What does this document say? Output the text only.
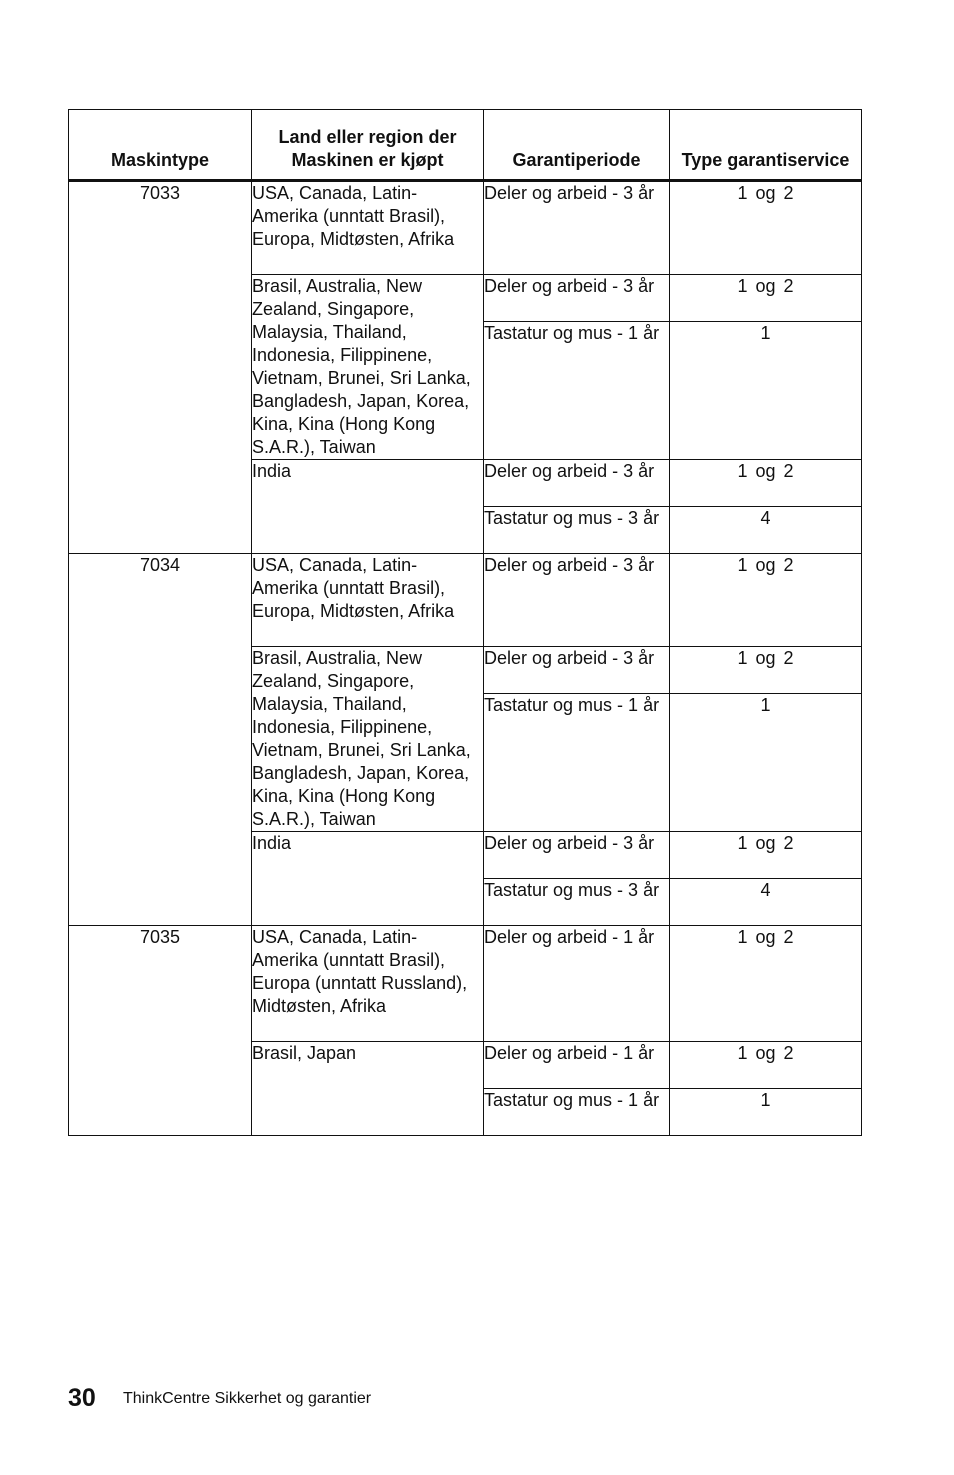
Maskintype	Land eller region der Maskinen er kjøpt	Garantiperiode	Type garantiservice
7033	USA, Canada, Latin-Amerika (unntatt Brasil), Europa, Midtøsten, Afrika	Deler og arbeid - 3 år	1 og 2
	Brasil, Australia, New Zealand, Singapore, Malaysia, Thailand, Indonesia, Filippinene, Vietnam, Brunei, Sri Lanka, Bangladesh, Japan, Korea, Kina, Kina (Hong Kong S.A.R.), Taiwan	Deler og arbeid - 3 år	1 og 2
		Tastatur og mus - 1 år	1
	India	Deler og arbeid - 3 år	1 og 2
		Tastatur og mus - 3 år	4
7034	USA, Canada, Latin-Amerika (unntatt Brasil), Europa, Midtøsten, Afrika	Deler og arbeid - 3 år	1 og 2
	Brasil, Australia, New Zealand, Singapore, Malaysia, Thailand, Indonesia, Filippinene, Vietnam, Brunei, Sri Lanka, Bangladesh, Japan, Korea, Kina, Kina (Hong Kong S.A.R.), Taiwan	Deler og arbeid - 3 år	1 og 2
		Tastatur og mus - 1 år	1
	India	Deler og arbeid - 3 år	1 og 2
		Tastatur og mus - 3 år	4
7035	USA, Canada, Latin-Amerika (unntatt Brasil), Europa (unntatt Russland), Midtøsten, Afrika	Deler og arbeid - 1 år	1 og 2
	Brasil, Japan	Deler og arbeid - 1 år	1 og 2
		Tastatur og mus - 1 år	1
30 ThinkCentre Sikkerhet og garantier
